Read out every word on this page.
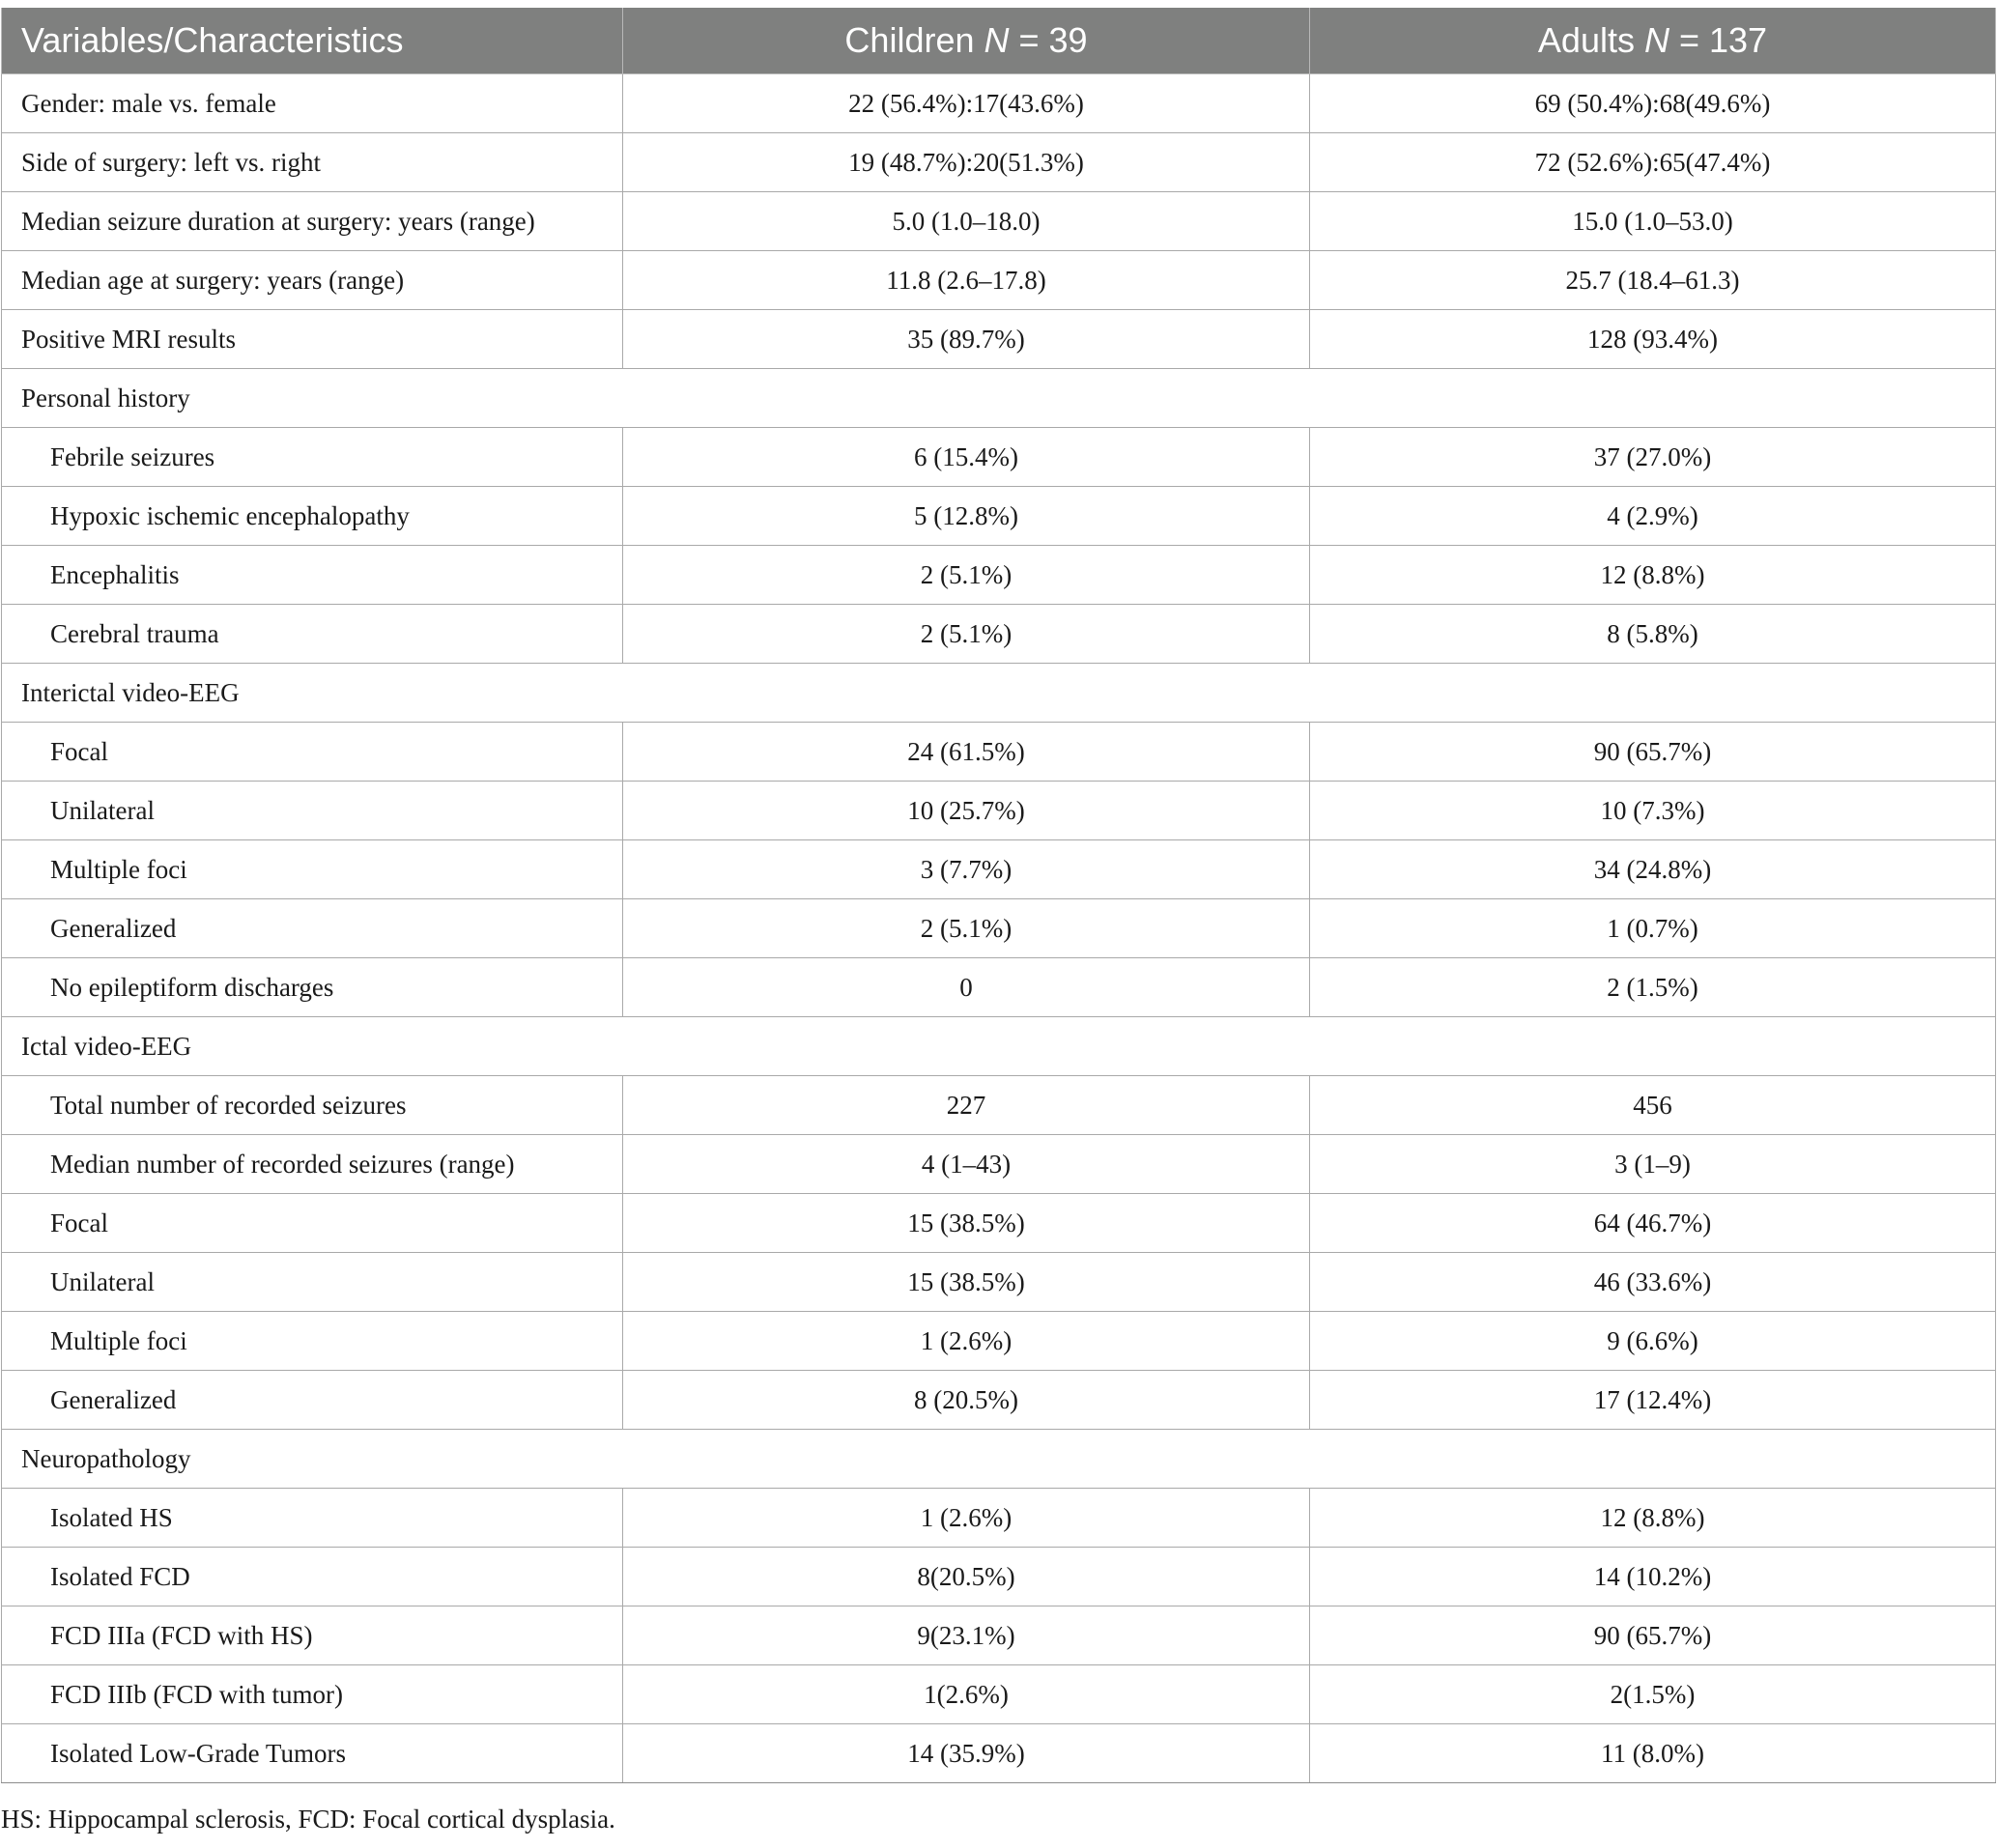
Variables/Characteristics	Children N = 39	Adults N = 137
Gender: male vs. female	22 (56.4%):17(43.6%)	69 (50.4%):68(49.6%)
Side of surgery: left vs. right	19 (48.7%):20(51.3%)	72 (52.6%):65(47.4%)
Median seizure duration at surgery: years (range)	5.0 (1.0–18.0)	15.0 (1.0–53.0)
Median age at surgery: years (range)	11.8 (2.6–17.8)	25.7 (18.4–61.3)
Positive MRI results	35 (89.7%)	128 (93.4%)
Personal history		
Febrile seizures	6 (15.4%)	37 (27.0%)
Hypoxic ischemic encephalopathy	5 (12.8%)	4 (2.9%)
Encephalitis	2 (5.1%)	12 (8.8%)
Cerebral trauma	2 (5.1%)	8 (5.8%)
Interictal video-EEG		
Focal	24 (61.5%)	90 (65.7%)
Unilateral	10 (25.7%)	10 (7.3%)
Multiple foci	3 (7.7%)	34 (24.8%)
Generalized	2 (5.1%)	1 (0.7%)
No epileptiform discharges	0	2 (1.5%)
Ictal video-EEG		
Total number of recorded seizures	227	456
Median number of recorded seizures (range)	4 (1–43)	3 (1–9)
Focal	15 (38.5%)	64 (46.7%)
Unilateral	15 (38.5%)	46 (33.6%)
Multiple foci	1 (2.6%)	9 (6.6%)
Generalized	8 (20.5%)	17 (12.4%)
Neuropathology		
Isolated HS	1 (2.6%)	12 (8.8%)
Isolated FCD	8(20.5%)	14 (10.2%)
FCD IIIa (FCD with HS)	9(23.1%)	90 (65.7%)
FCD IIIb (FCD with tumor)	1(2.6%)	2(1.5%)
Isolated Low-Grade Tumors	14 (35.9%)	11 (8.0%)
HS: Hippocampal sclerosis, FCD: Focal cortical dysplasia.
